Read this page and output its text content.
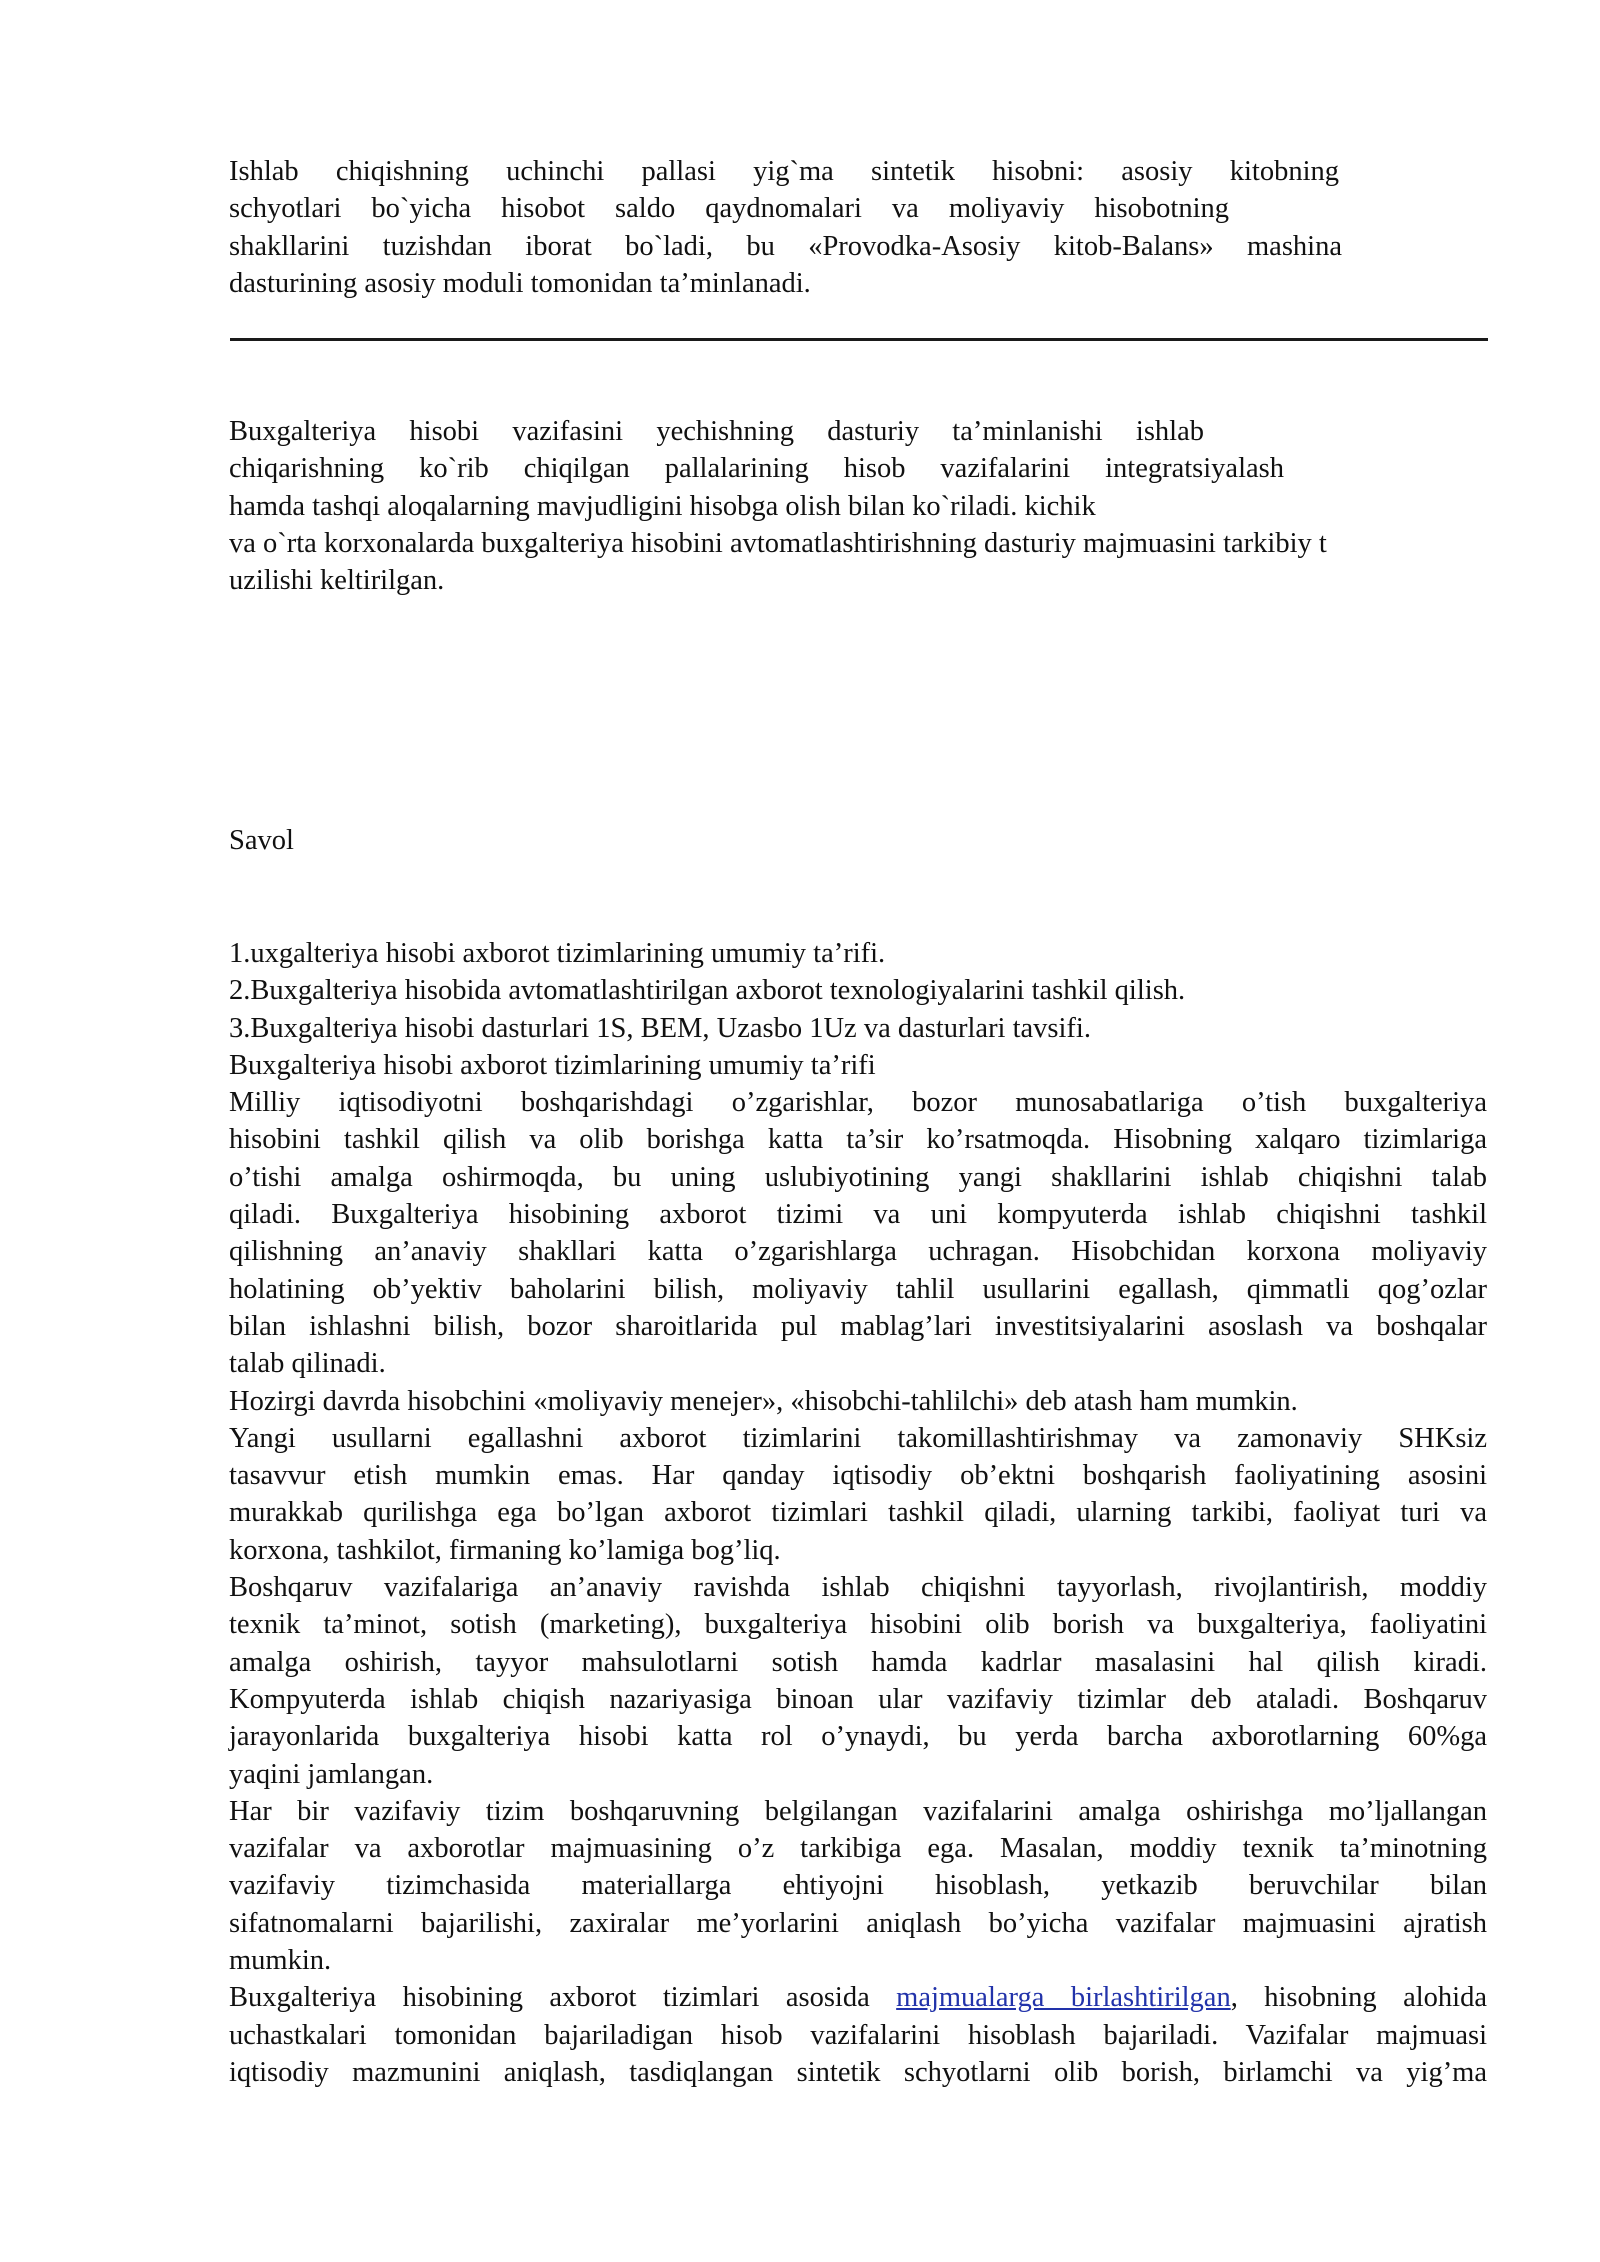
Ishlab chiqishning uchinchi pallasi yig`ma sintetik hisobni: asosiy kitobning
schyotlari bo`yicha hisobot saldo qaydnomalari va moliyaviy hisobotning
shakllarini tuzishdan iborat bo`ladi, bu «Provodka-Asosiy kitob-Balans» mashina
dasturining asosiy moduli tomonidan ta’minlanadi.
Buxgalteriya hisobi vazifasini yechishning dasturiy ta’minlanishi ishlab
chiqarishning ko`rib chiqilgan pallalarining hisob vazifalarini integratsiyalash
hamda tashqi aloqalarning mavjudligini hisobga olish bilan ko`riladi. kichik
va o`rta korxonalarda buxgalteriya hisobini avtomatlashtirishning dasturiy majmuasini tarkibiy t
uzilishi keltirilgan.
Savol
1.uxgalteriya hisobi axborot tizimlarining umumiy ta’rifi.
2.Buxgalteriya hisobida avtomatlashtirilgan axborot texnologiyalarini tashkil qilish.
3.Buxgalteriya hisobi dasturlari 1S, BEM, Uzasbo 1Uz va dasturlari tavsifi.
Buxgalteriya hisobi axborot tizimlarining umumiy ta’rifi

Milliy iqtisodiyotni boshqarishdagi o’zgarishlar, bozor munosabatlariga o’tish buxgalteriya
hisobini tashkil qilish va olib borishga katta ta’sir ko’rsatmoqda. Hisobning xalqaro tizimlariga
o’tishi amalga oshirmoqda, bu uning uslubiyotining yangi shakllarini ishlab chiqishni talab
qiladi. Buxgalteriya hisobining axborot tizimi va uni kompyuterda ishlab chiqishni tashkil
qilishning an’anaviy shakllari katta o’zgarishlarga uchragan. Hisobchidan korxona moliyaviy
holatining ob’yektiv baholarini bilish, moliyaviy tahlil usullarini egallash, qimmatli qog’ozlar
bilan ishlashni bilish, bozor sharoitlarida pul mablag’lari investitsiyalarini asoslash va boshqalar
talab qilinadi.

Hozirgi davrda hisobchini «moliyaviy menejer», «hisobchi-tahlilchi» deb atash ham mumkin.

Yangi usullarni egallashni axborot tizimlarini takomillashtirishmay va zamonaviy SHKsiz
tasavvur etish mumkin emas. Har qanday iqtisodiy ob’ektni boshqarish faoliyatining asosini
murakkab qurilishga ega bo’lgan axborot tizimlari tashkil qiladi, ularning tarkibi, faoliyat turi va
korxona, tashkilot, firmaning ko’lamiga bog’liq.

Boshqaruv vazifalariga an’anaviy ravishda ishlab chiqishni tayyorlash, rivojlantirish, moddiy
texnik ta’minot, sotish (marketing), buxgalteriya hisobini olib borish va buxgalteriya, faoliyatini
amalga oshirish, tayyor mahsulotlarni sotish hamda kadrlar masalasini hal qilish kiradi.
Kompyuterda ishlab chiqish nazariyasiga binoan ular vazifaviy tizimlar deb ataladi. Boshqaruv
jarayonlarida buxgalteriya hisobi katta rol o’ynaydi, bu yerda barcha axborotlarning 60%ga
yaqini jamlangan.

Har bir vazifaviy tizim boshqaruvning belgilangan vazifalarini amalga oshirishga mo’ljallangan
vazifalar va axborotlar majmuasining o’z tarkibiga ega. Masalan, moddiy texnik ta’minotning
vazifaviy tizimchasida materiallarga ehtiyojni hisoblash, yetkazib beruvchilar bilan
sifatnomalarni bajarilishi, zaxiralar me’yorlarini aniqlash bo’yicha vazifalar majmuasini ajratish
mumkin.

Buxgalteriya hisobining axborot tizimlari asosida majmualarga birlashtirilgan, hisobning alohida
uchastkalari tomonidan bajariladigan hisob vazifalarini hisoblash bajariladi. Vazifalar majmuasi
iqtisodiy mazmunini aniqlash, tasdiqlangan sintetik schyotlarni olib borish, birlamchi va yig’ma
